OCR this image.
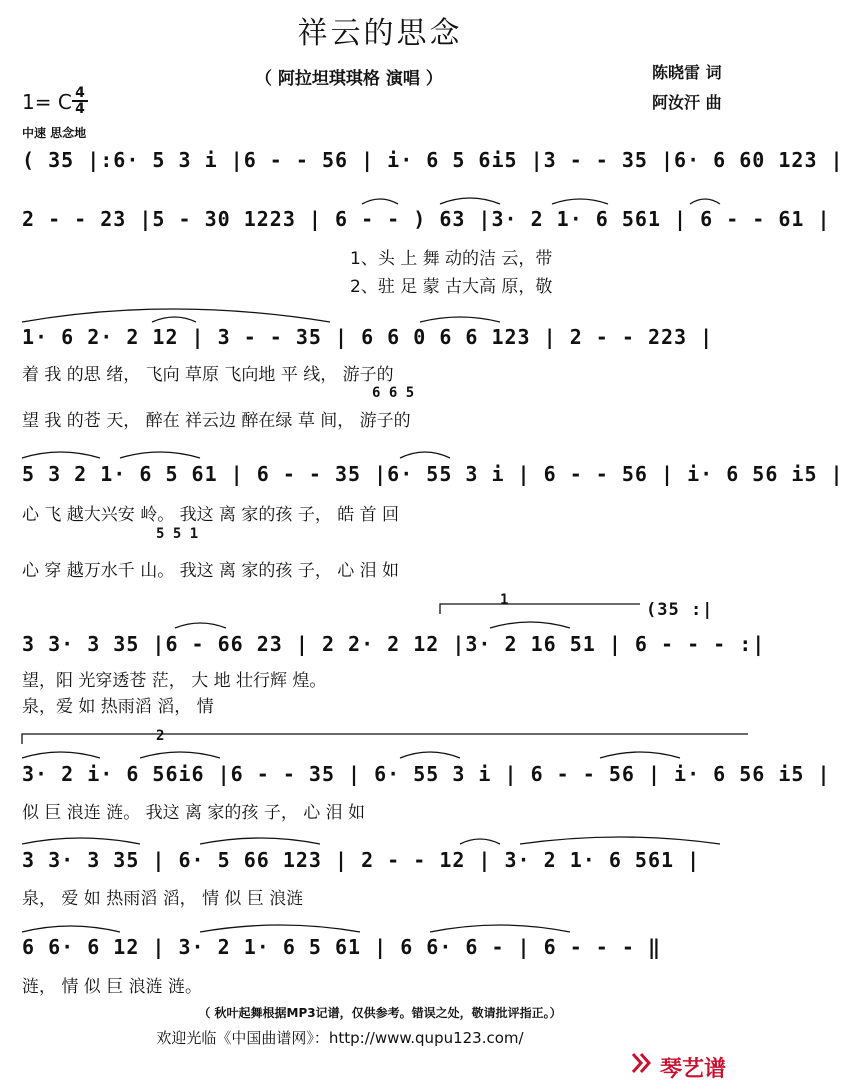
祥云的思念
（ 阿拉坦琪琪格 演唱 ）	陈晓雷 词
阿汝汗 曲
1= C 4
4
中速 思念地
( 35 |:6· 5 3 i |6 - - 56 | i· 6 5 6i5 |3 - - 35 |6· 6 60 123 |
2 - - 23 |5 - 30 1223 | 6 - - ) 63 |3· 2 1· 6 561 | 6 - - 61 |
1、头 上 舞 动的洁 云，带
2、驻 足 蒙 古大高 原，敬
1· 6 2· 2 12 | 3 - - 35 | 6 6 0 6 6 123 | 2 - - 223 |
着 我 的思 绪， 飞向 草原 飞向地 平 线， 游子的
6 6 5
望 我 的苍 天， 醉在 祥云边 醉在绿 草 间， 游子的
5 3 2 1· 6 5 61 | 6 - - 35 |6· 55 3 i | 6 - - 56 | i· 6 56 i5 |
心 飞 越大兴安 岭。 我这 离 家的孩 子， 皓 首 回
5 5 1
心 穿 越万水千 山。 我这 离 家的孩 子， 心 泪 如
1	(35 :|
3 3· 3 35 |6 - 66 23 | 2 2· 2 12 |3· 2 16 51 | 6 - - - :|
望，阳 光穿透苍 茫， 大 地 壮行辉 煌。
泉，爱 如 热雨滔 滔， 情
2
3· 2 i· 6 56i6 |6 - - 35 | 6· 55 3 i | 6 - - 56 | i· 6 56 i5 |
似 巨 浪连 涟。 我这 离 家的孩 子， 心 泪 如
3 3· 3 35 | 6· 5 66 123 | 2 - - 12 | 3· 2 1· 6 561 |
泉， 爱 如 热雨滔 滔， 情 似 巨 浪涟
6 6· 6 12 | 3· 2 1· 6 5 61 | 6 6· 6 - | 6 - - - ‖
涟， 情 似 巨 浪涟 涟。
（ 秋叶起舞根据MP3记谱，仅供参考。错误之处，敬请批评指正。）
欢迎光临《中国曲谱网》：http://www.qupu123.com/
琴艺谱
